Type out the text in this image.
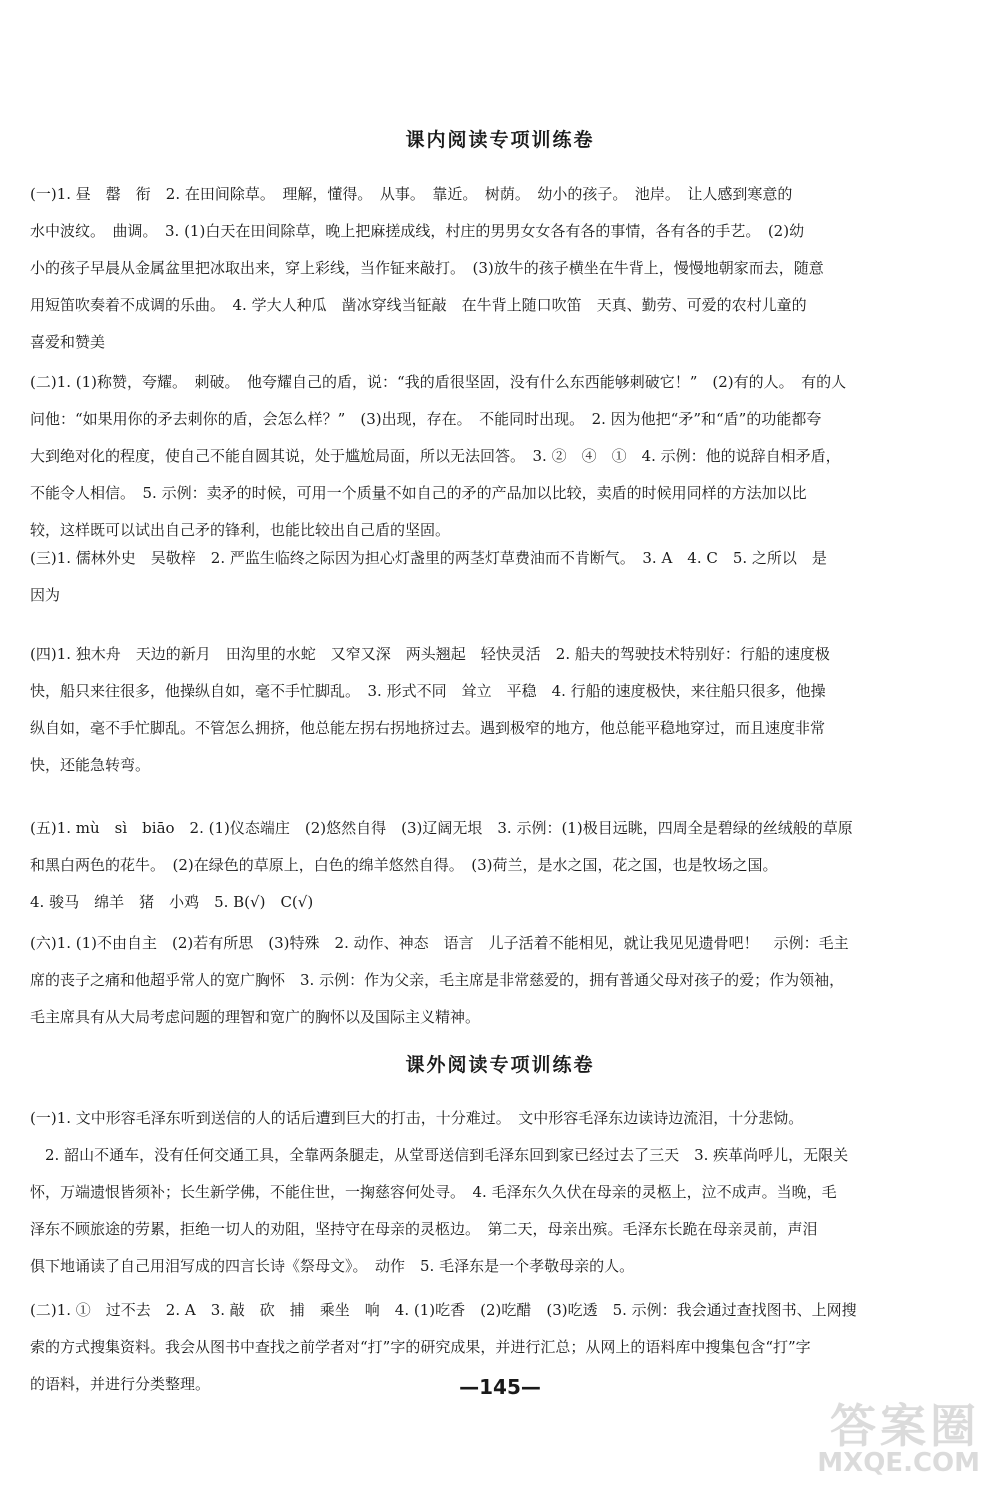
课内阅读专项训练卷
(一)1. 昼　罄　衔　2. 在田间除草。　理解，懂得。　从事。　靠近。　树荫。　幼小的孩子。　池岸。　让人感到寒意的
水中波纹。　曲调。　3. (1)白天在田间除草，晚上把麻搓成线，村庄的男男女女各有各的事情，各有各的手艺。　(2)幼
小的孩子早晨从金属盆里把冰取出来，穿上彩线，当作钲来敲打。　(3)放牛的孩子横坐在牛背上，慢慢地朝家而去，随意
用短笛吹奏着不成调的乐曲。　4. 学大人种瓜　凿冰穿线当钲敲　在牛背上随口吹笛　天真、勤劳、可爱的农村儿童的
喜爱和赞美
(二)1. (1)称赞，夸耀。　刺破。　他夸耀自己的盾，说：“我的盾很坚固，没有什么东西能够刺破它！”　(2)有的人。　有的人
问他：“如果用你的矛去刺你的盾，会怎么样？”　(3)出现，存在。　不能同时出现。　2. 因为他把“矛”和“盾”的功能都夸
大到绝对化的程度，使自己不能自圆其说，处于尴尬局面，所以无法回答。　3. ②　④　①　4. 示例：他的说辞自相矛盾，
不能令人相信。　5. 示例：卖矛的时候，可用一个质量不如自己的矛的产品加以比较，卖盾的时候用同样的方法加以比
较，这样既可以试出自己矛的锋利，也能比较出自己盾的坚固。
(三)1. 儒林外史　吴敬梓　2. 严监生临终之际因为担心灯盏里的两茎灯草费油而不肯断气。　3. A　4. C　5. 之所以　是
因为
(四)1. 独木舟　天边的新月　田沟里的水蛇　又窄又深　两头翘起　轻快灵活　2. 船夫的驾驶技术特别好：行船的速度极
快，船只来往很多，他操纵自如，毫不手忙脚乱。　3. 形式不同　耸立　平稳　4. 行船的速度极快，来往船只很多，他操
纵自如，毫不手忙脚乱。不管怎么拥挤，他总能左拐右拐地挤过去。遇到极窄的地方，他总能平稳地穿过，而且速度非常
快，还能急转弯。
(五)1. mù　sì　biāo　2. (1)仪态端庄　(2)悠然自得　(3)辽阔无垠　3. 示例：(1)极目远眺，四周全是碧绿的丝绒般的草原
和黑白两色的花牛。　(2)在绿色的草原上，白色的绵羊悠然自得。　(3)荷兰，是水之国，花之国，也是牧场之国。
4. 骏马　绵羊　猪　小鸡　5. B(√)　C(√)
(六)1. (1)不由自主　(2)若有所思　(3)特殊　2. 动作、神态　语言　儿子活着不能相见，就让我见见遗骨吧！　示例：毛主
席的丧子之痛和他超乎常人的宽广胸怀　3. 示例：作为父亲，毛主席是非常慈爱的，拥有普通父母对孩子的爱；作为领袖，
毛主席具有从大局考虑问题的理智和宽广的胸怀以及国际主义精神。
课外阅读专项训练卷
(一)1. 文中形容毛泽东听到送信的人的话后遭到巨大的打击，十分难过。　文中形容毛泽东边读诗边流泪，十分悲恸。
　2. 韶山不通车，没有任何交通工具，全靠两条腿走，从堂哥送信到毛泽东回到家已经过去了三天　3. 疾革尚呼儿，无限关
怀，万端遗恨皆须补；长生新学佛，不能住世，一掬慈容何处寻。　4. 毛泽东久久伏在母亲的灵柩上，泣不成声。当晚，毛
泽东不顾旅途的劳累，拒绝一切人的劝阻，坚持守在母亲的灵柩边。　第二天，母亲出殡。毛泽东长跪在母亲灵前，声泪
俱下地诵读了自己用泪写成的四言长诗《祭母文》。　动作　5. 毛泽东是一个孝敬母亲的人。
(二)1. ①　过不去　2. A　3. 敲　砍　捕　乘坐　响　4. (1)吃香　(2)吃醋　(3)吃透　5. 示例：我会通过查找图书、上网搜
索的方式搜集资料。我会从图书中查找之前学者对“打”字的研究成果，并进行汇总；从网上的语料库中搜集包含“打”字
的语料，并进行分类整理。	—145—
答案圈
MXQE.COM
